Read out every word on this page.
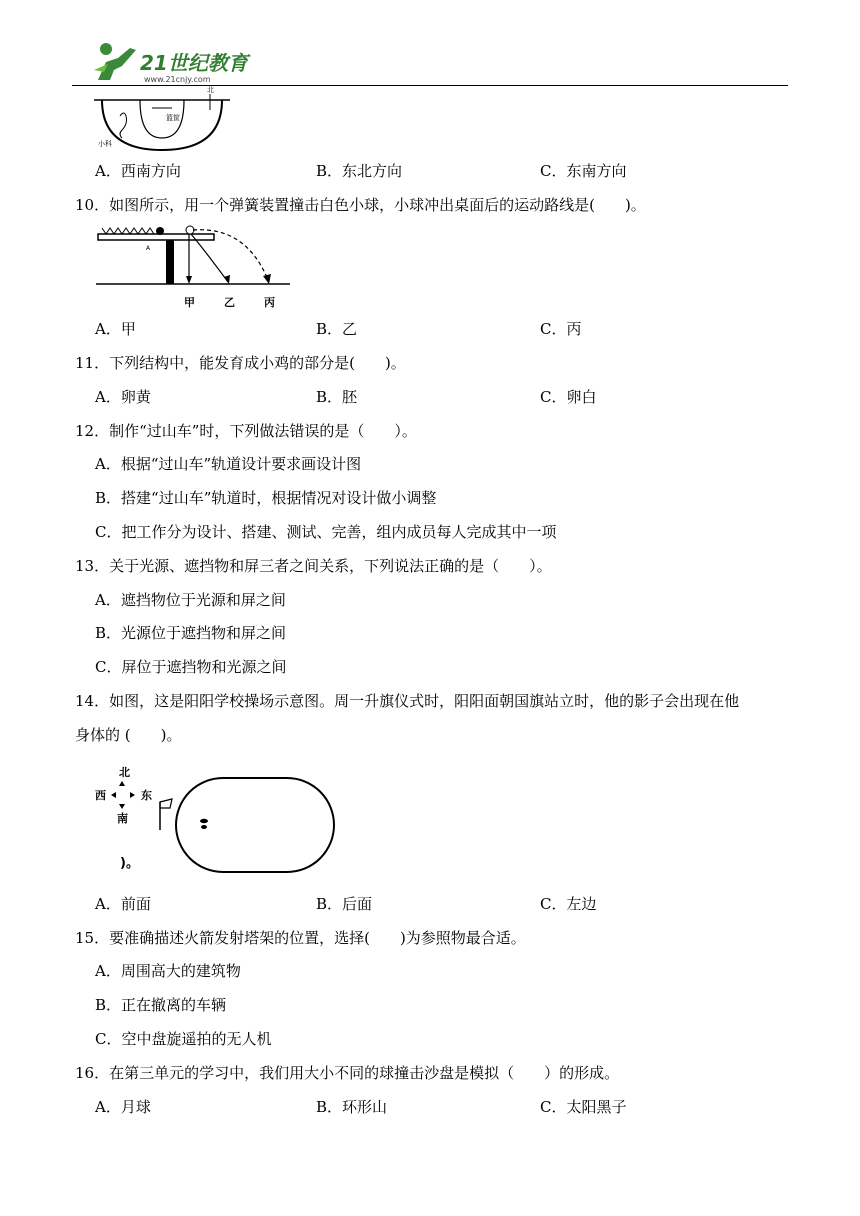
21世纪教育
www.21cnjy.com
篮筐
小科
北
A．西南方向	B．东北方向	C．东南方向
10．如图所示，用一个弹簧装置撞击白色小球，小球冲出桌面后的运动路线是(　　)。
A
甲	乙	丙
A．甲	B．乙	C．丙
11．下列结构中，能发育成小鸡的部分是(　　)。
A．卵黄	B．胚	C．卵白
12．制作“过山车”时，下列做法错误的是（　　）。
A．根据“过山车”轨道设计要求画设计图
B．搭建“过山车”轨道时，根据情况对设计做小调整
C．把工作分为设计、搭建、测试、完善，组内成员每人完成其中一项
13．关于光源、遮挡物和屏三者之间关系，下列说法正确的是（　　）。
A．遮挡物位于光源和屏之间
B．光源位于遮挡物和屏之间
C．屏位于遮挡物和光源之间
14．如图，这是阳阳学校操场示意图。周一升旗仪式时，阳阳面朝国旗站立时，他的影子会出现在他
身体的 (　　)。
北
西	东
南
)。
A．前面	B．后面	C．左边
15．要准确描述火箭发射塔架的位置，选择(　　)为参照物最合适。
A．周围高大的建筑物
B．正在撤离的车辆
C．空中盘旋遥拍的无人机
16．在第三单元的学习中，我们用大小不同的球撞击沙盘是模拟（　　）的形成。
A．月球	B．环形山	C．太阳黑子
